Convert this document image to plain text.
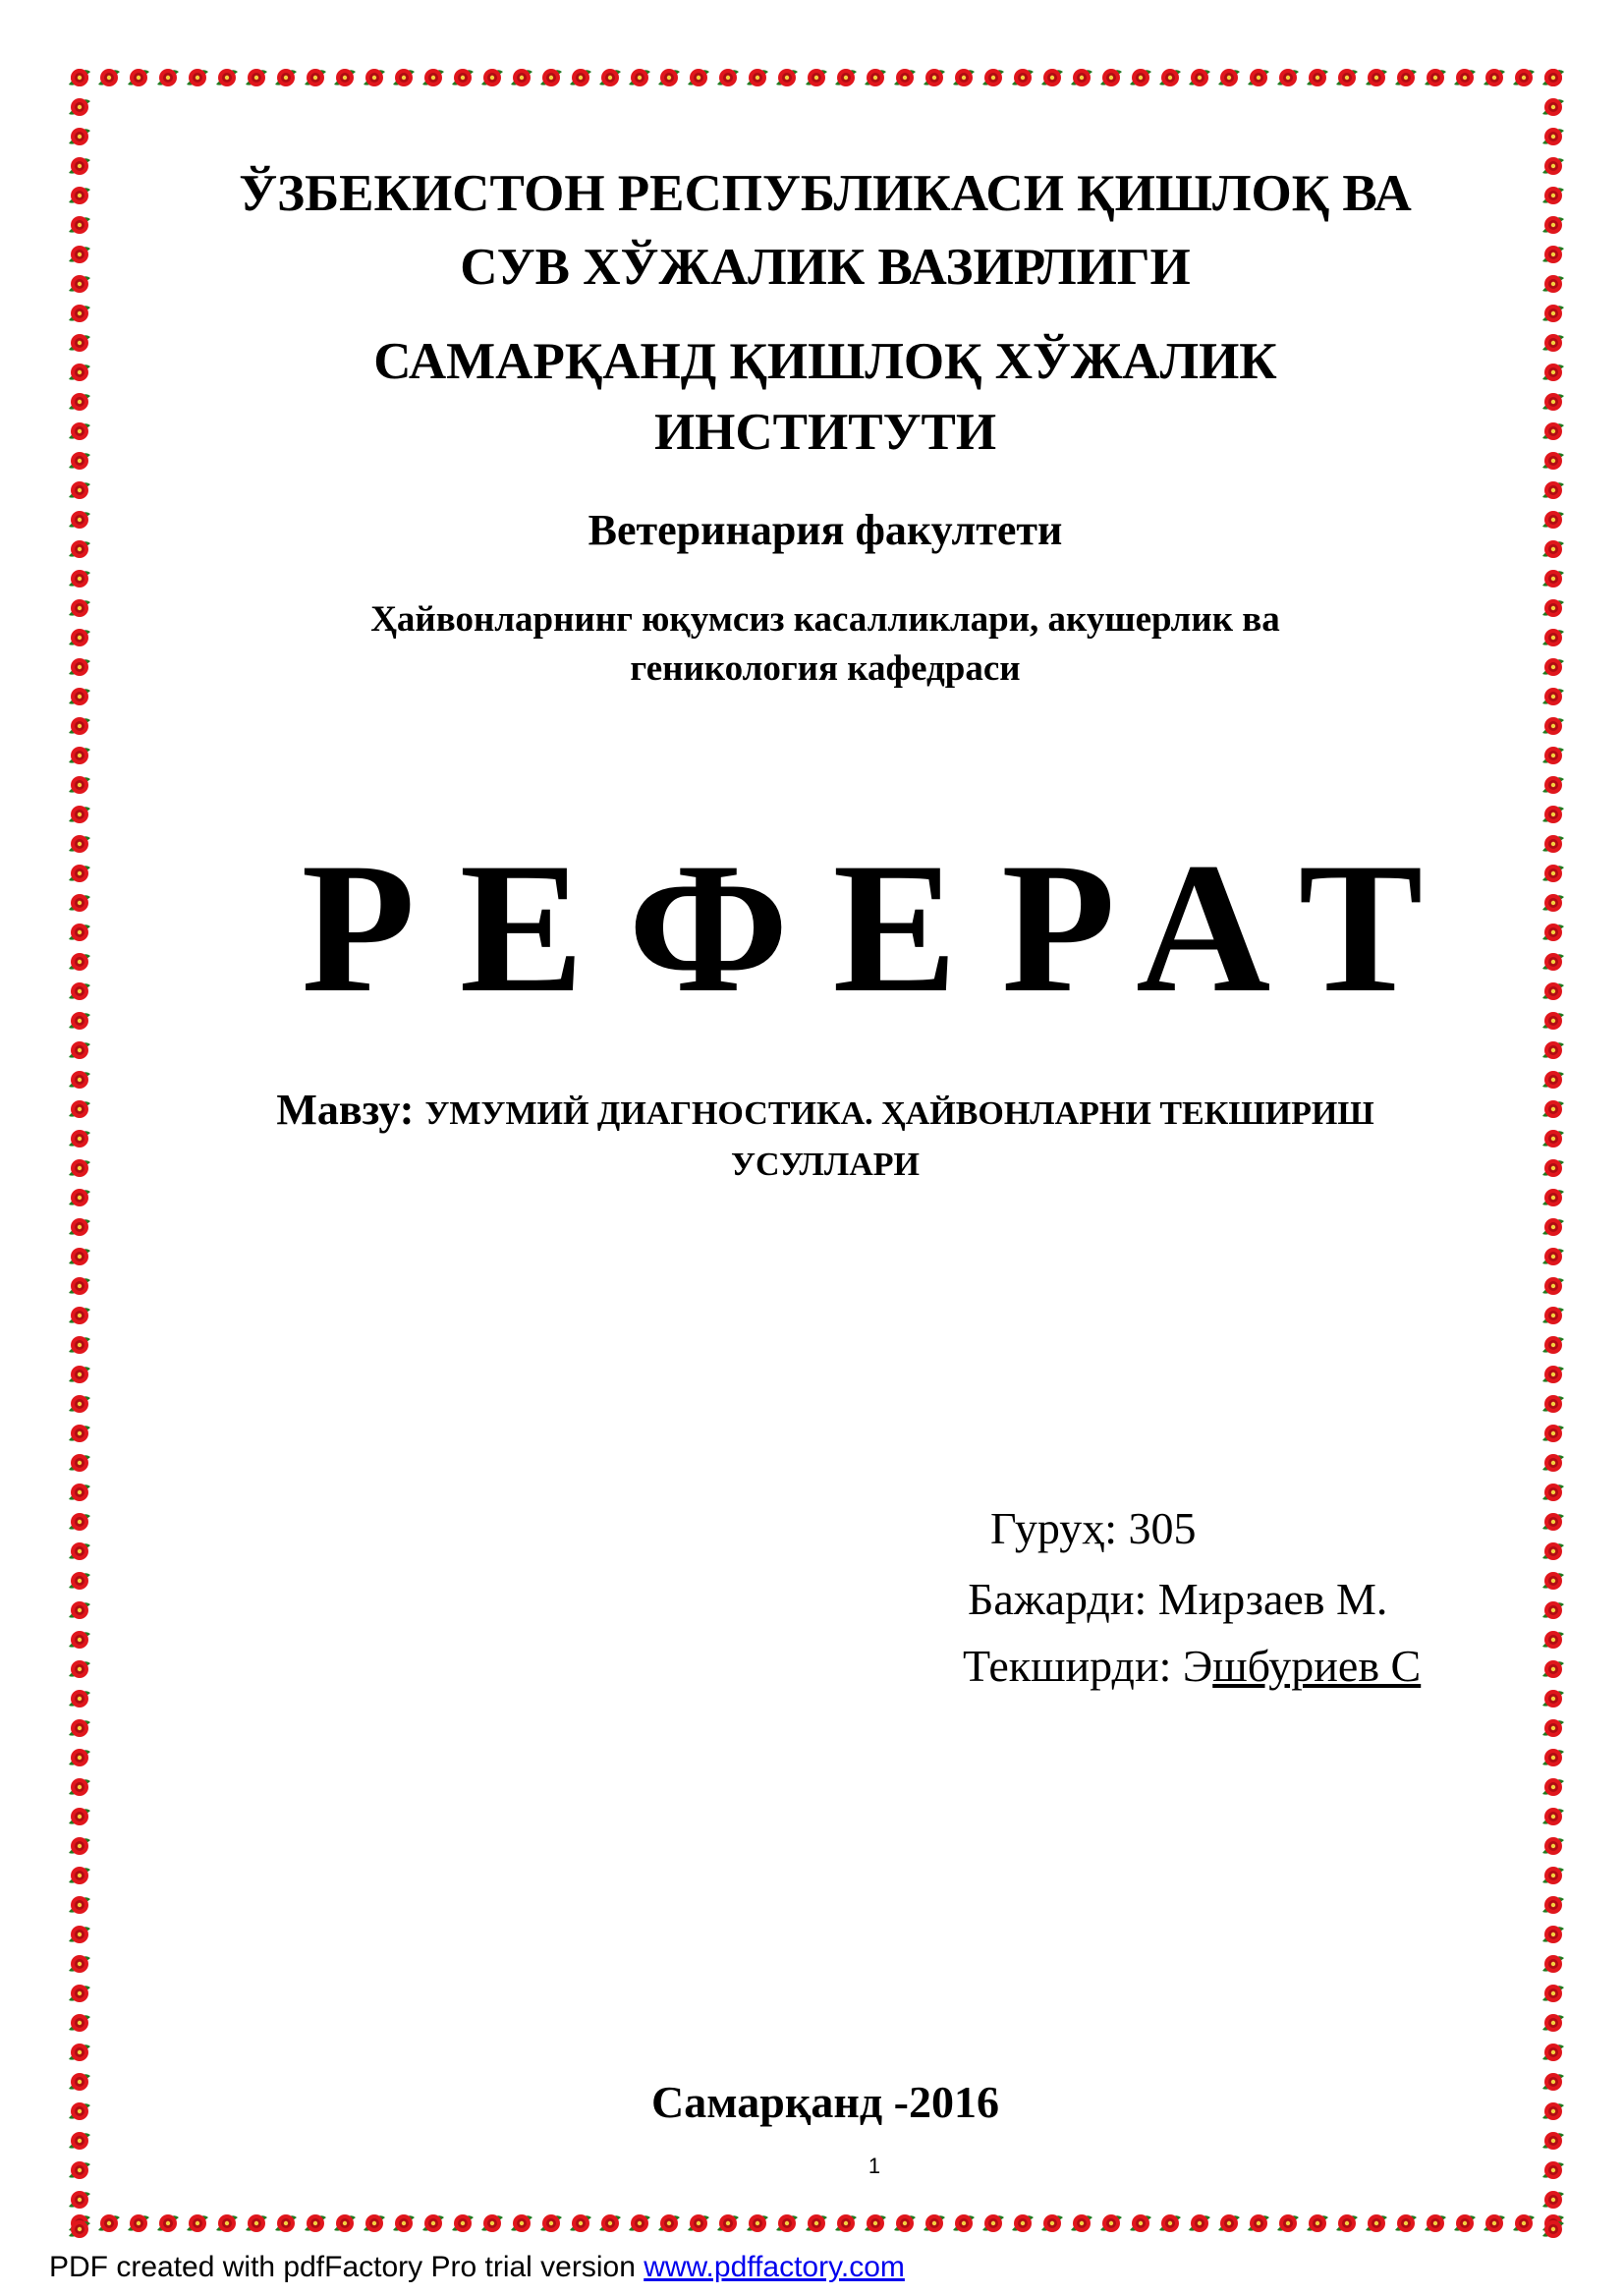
ЎЗБЕКИСТОН РЕСПУБЛИКАСИ ҚИШЛОҚ ВА
СУВ ХЎЖАЛИК ВАЗИРЛИГИ
САМАРҚАНД ҚИШЛОҚ ХЎЖАЛИК
ИНСТИТУТИ
Ветеринария факултети
Ҳайвонларнинг юқумсиз касалликлари, акушерлик ва
геникология кафедраси
РЕФЕРАТ
Мавзу: УМУМИЙ ДИАГНОСТИКА. ҲАЙВОНЛАРНИ ТЕКШИРИШ
УСУЛЛАРИ
Гуруҳ: 305
Бажарди: Мирзаев М.
Текширди: Эшбуриев С
Самарқанд -2016
1
PDF created with pdfFactory Pro trial version www.pdffactory.com
